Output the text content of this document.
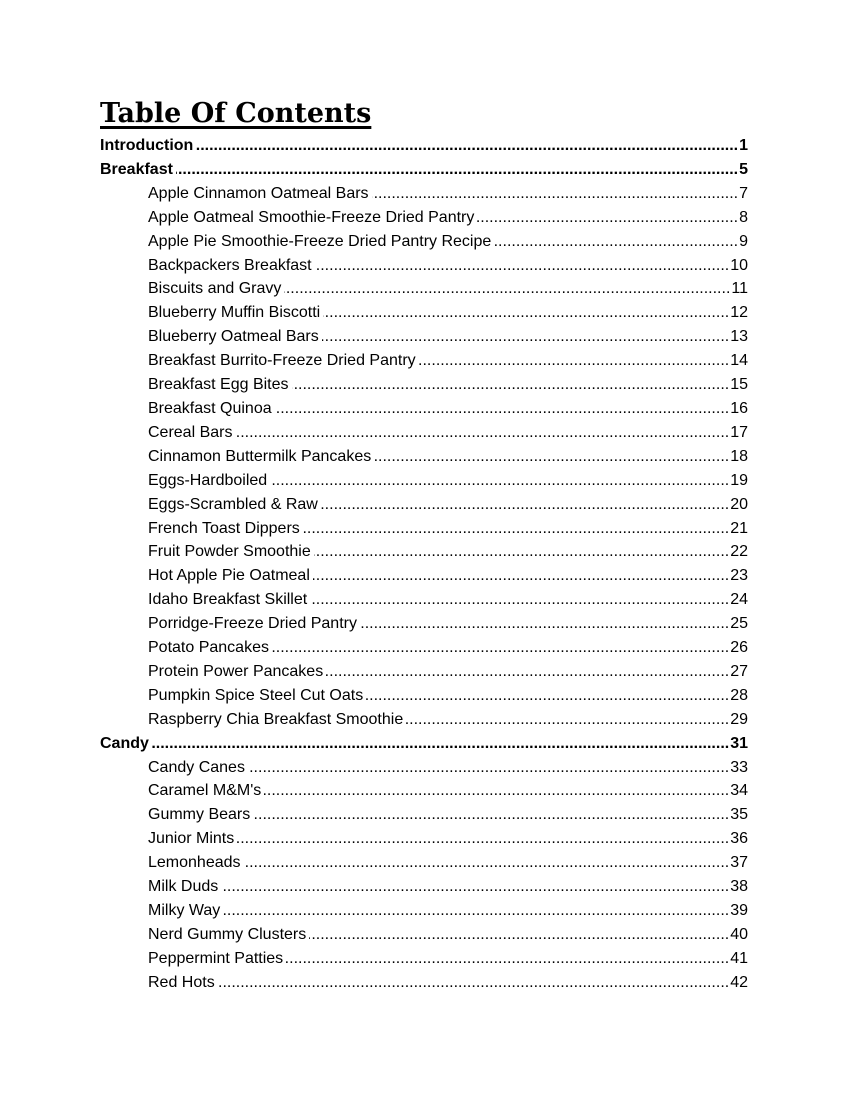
Table Of Contents
Introduction .....	1
Breakfast .....	5
Apple Cinnamon Oatmeal Bars .....	7
Apple Oatmeal Smoothie-Freeze Dried Pantry .....	8
Apple Pie Smoothie-Freeze Dried Pantry Recipe .....	9
Backpackers Breakfast .....	10
Biscuits and Gravy .....	11
Blueberry Muffin Biscotti .....	12
Blueberry Oatmeal Bars .....	13
Breakfast Burrito-Freeze Dried Pantry .....	14
Breakfast Egg Bites .....	15
Breakfast Quinoa .....	16
Cereal Bars .....	17
Cinnamon Buttermilk Pancakes .....	18
Eggs-Hardboiled .....	19
Eggs-Scrambled & Raw .....	20
French Toast Dippers .....	21
Fruit Powder Smoothie .....	22
Hot Apple Pie Oatmeal .....	23
Idaho Breakfast Skillet .....	24
Porridge-Freeze Dried Pantry .....	25
Potato Pancakes .....	26
Protein Power Pancakes .....	27
Pumpkin Spice Steel Cut Oats .....	28
Raspberry Chia Breakfast Smoothie .....	29
Candy .....	31
Candy Canes .....	33
Caramel M&M's .....	34
Gummy Bears .....	35
Junior Mints .....	36
Lemonheads .....	37
Milk Duds .....	38
Milky Way .....	39
Nerd Gummy Clusters .....	40
Peppermint Patties .....	41
Red Hots .....	42
